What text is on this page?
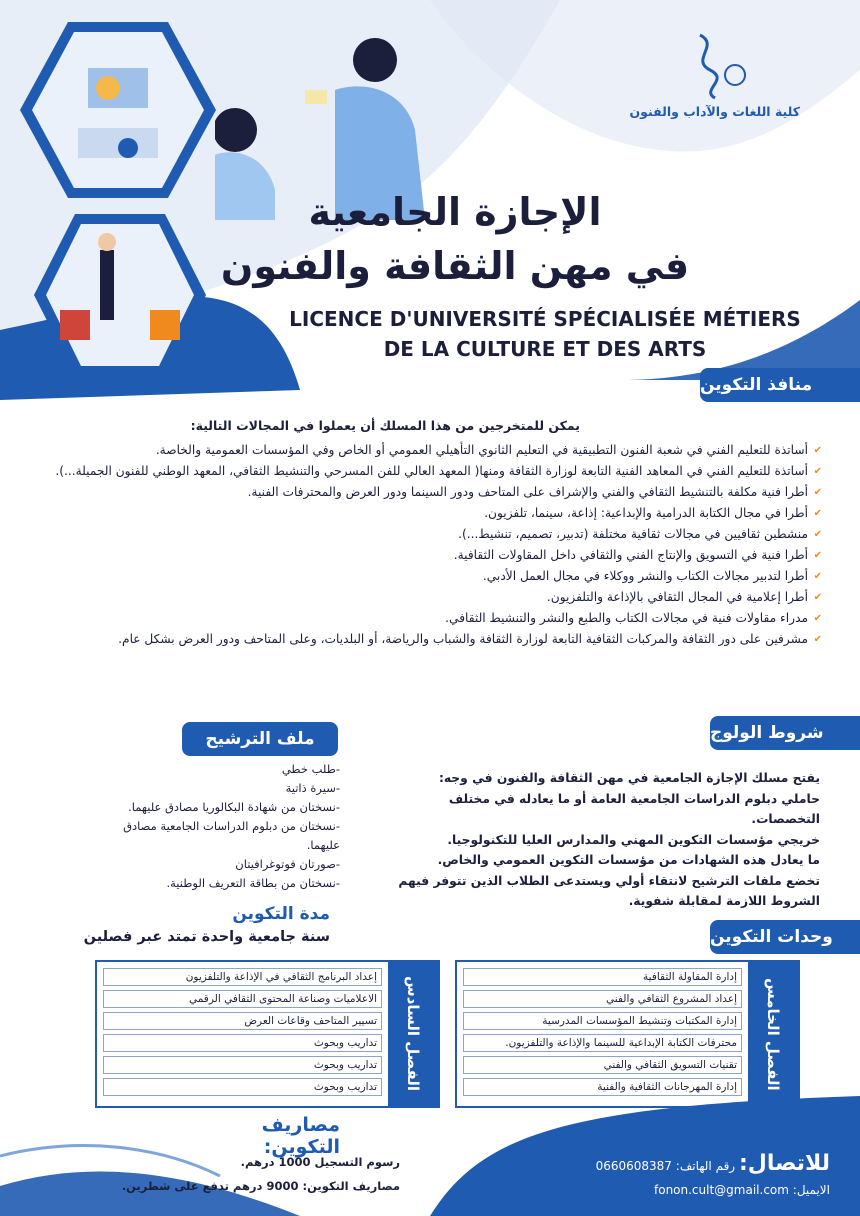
كلية اللغات والآداب والفنون
الإجازة الجامعية
في مهن الثقافة والفنون
LICENCE D'UNIVERSITÉ SPÉCIALISÉE MÉTIERS
DE LA CULTURE ET DES ARTS
منافذ التكوين
يمكن للمتخرجين من هذا المسلك أن يعملوا في المجالات التالية:
✔ أساتذة للتعليم الفني في شعبة الفنون التطبيقية في التعليم الثانوي التأهيلي العمومي أو الخاص وفي المؤسسات العمومية والخاصة.
✔ أساتذة للتعليم الفني في المعاهد الفنية التابعة لوزارة الثقافة ومنها( المعهد العالي للفن المسرحي والتنشيط الثقافي، المعهد الوطني للفنون الجميلة...).
✔ أطرا فنية مكلفة بالتنشيط الثقافي والفني والإشراف على المتاحف ودور السينما ودور العرض والمحترفات الفنية.
✔ أطرا في مجال الكتابة الدرامية والإبداعية: إذاعة، سينما، تلفزيون.
✔ منشطين ثقافيين في مجالات ثقافية مختلفة (تدبير، تصميم، تنشيط...).
✔ أطرا فنية في التسويق والإنتاج الفني والثقافي داخل المقاولات الثقافية.
✔ أطرا لتدبير مجالات الكتاب والنشر ووكلاء في مجال العمل الأدبي.
✔ أطرا إعلامية في المجال الثقافي بالإذاعة والتلفزيون.
✔ مدراء مقاولات فنية في مجالات الكتاب والطبع والنشر والتنشيط الثقافي.
✔ مشرفين على دور الثقافة والمركبات الثقافية التابعة لوزارة الثقافة والشباب والرياضة، أو البلديات، وعلى المتاحف ودور العرض بشكل عام.
شروط الولوج
يفتح مسلك الإجازة الجامعية في مهن الثقافة والفنون في وجه:
حاملي دبلوم الدراسات الجامعية العامة أو ما يعادله في مختلف التخصصات.
خريجي مؤسسات التكوين المهني والمدارس العليا للتكنولوجيا.
ما يعادل هذه الشهادات من مؤسسات التكوين العمومي والخاص.
تخضع ملفات الترشيح لانتقاء أولي ويستدعى الطلاب الذين تتوفر فيهم الشروط اللازمة لمقابلة شفوية.
ملف الترشيح
-طلب خطي
-سيرة ذاتية
-نسختان من شهادة البكالوريا مصادق عليهما.
-نسختان من دبلوم الدراسات الجامعية مصادق عليهما.
-صورتان فوتوغرافيتان
-نسختان من بطاقة التعريف الوطنية.
مدة التكوين
سنة جامعية واحدة تمتد عبر فصلين	وحدات التكوين
الفصل السادس
إعداد البرنامج الثقافي في الإذاعة والتلفزيون
الاعلاميات وصناعة المحتوى الثقافي الرقمي
تسيير المتاحف وقاعات العرض
تداريب وبحوث
تداريب وبحوث
تداريب وبحوث	الفصل الخامس
إدارة المقاولة الثقافية
إعداد المشروع الثقافي والفني
إدارة المكتبات وتنشيط المؤسسات المدرسية
محترفات الكتابة الإبداعية للسينما والإذاعة والتلفزيون.
تقنيات التسويق الثقافي والفني
إدارة المهرجانات الثقافية والفنية
مصاريف التكوين:
رسوم التسجيل 1000 درهم.
مصاريف التكوين: 9000 درهم تدفع على شطرين.
للاتصال: رقم الهاتف: 0660608387
الايميل: fonon.cult@gmail.com
